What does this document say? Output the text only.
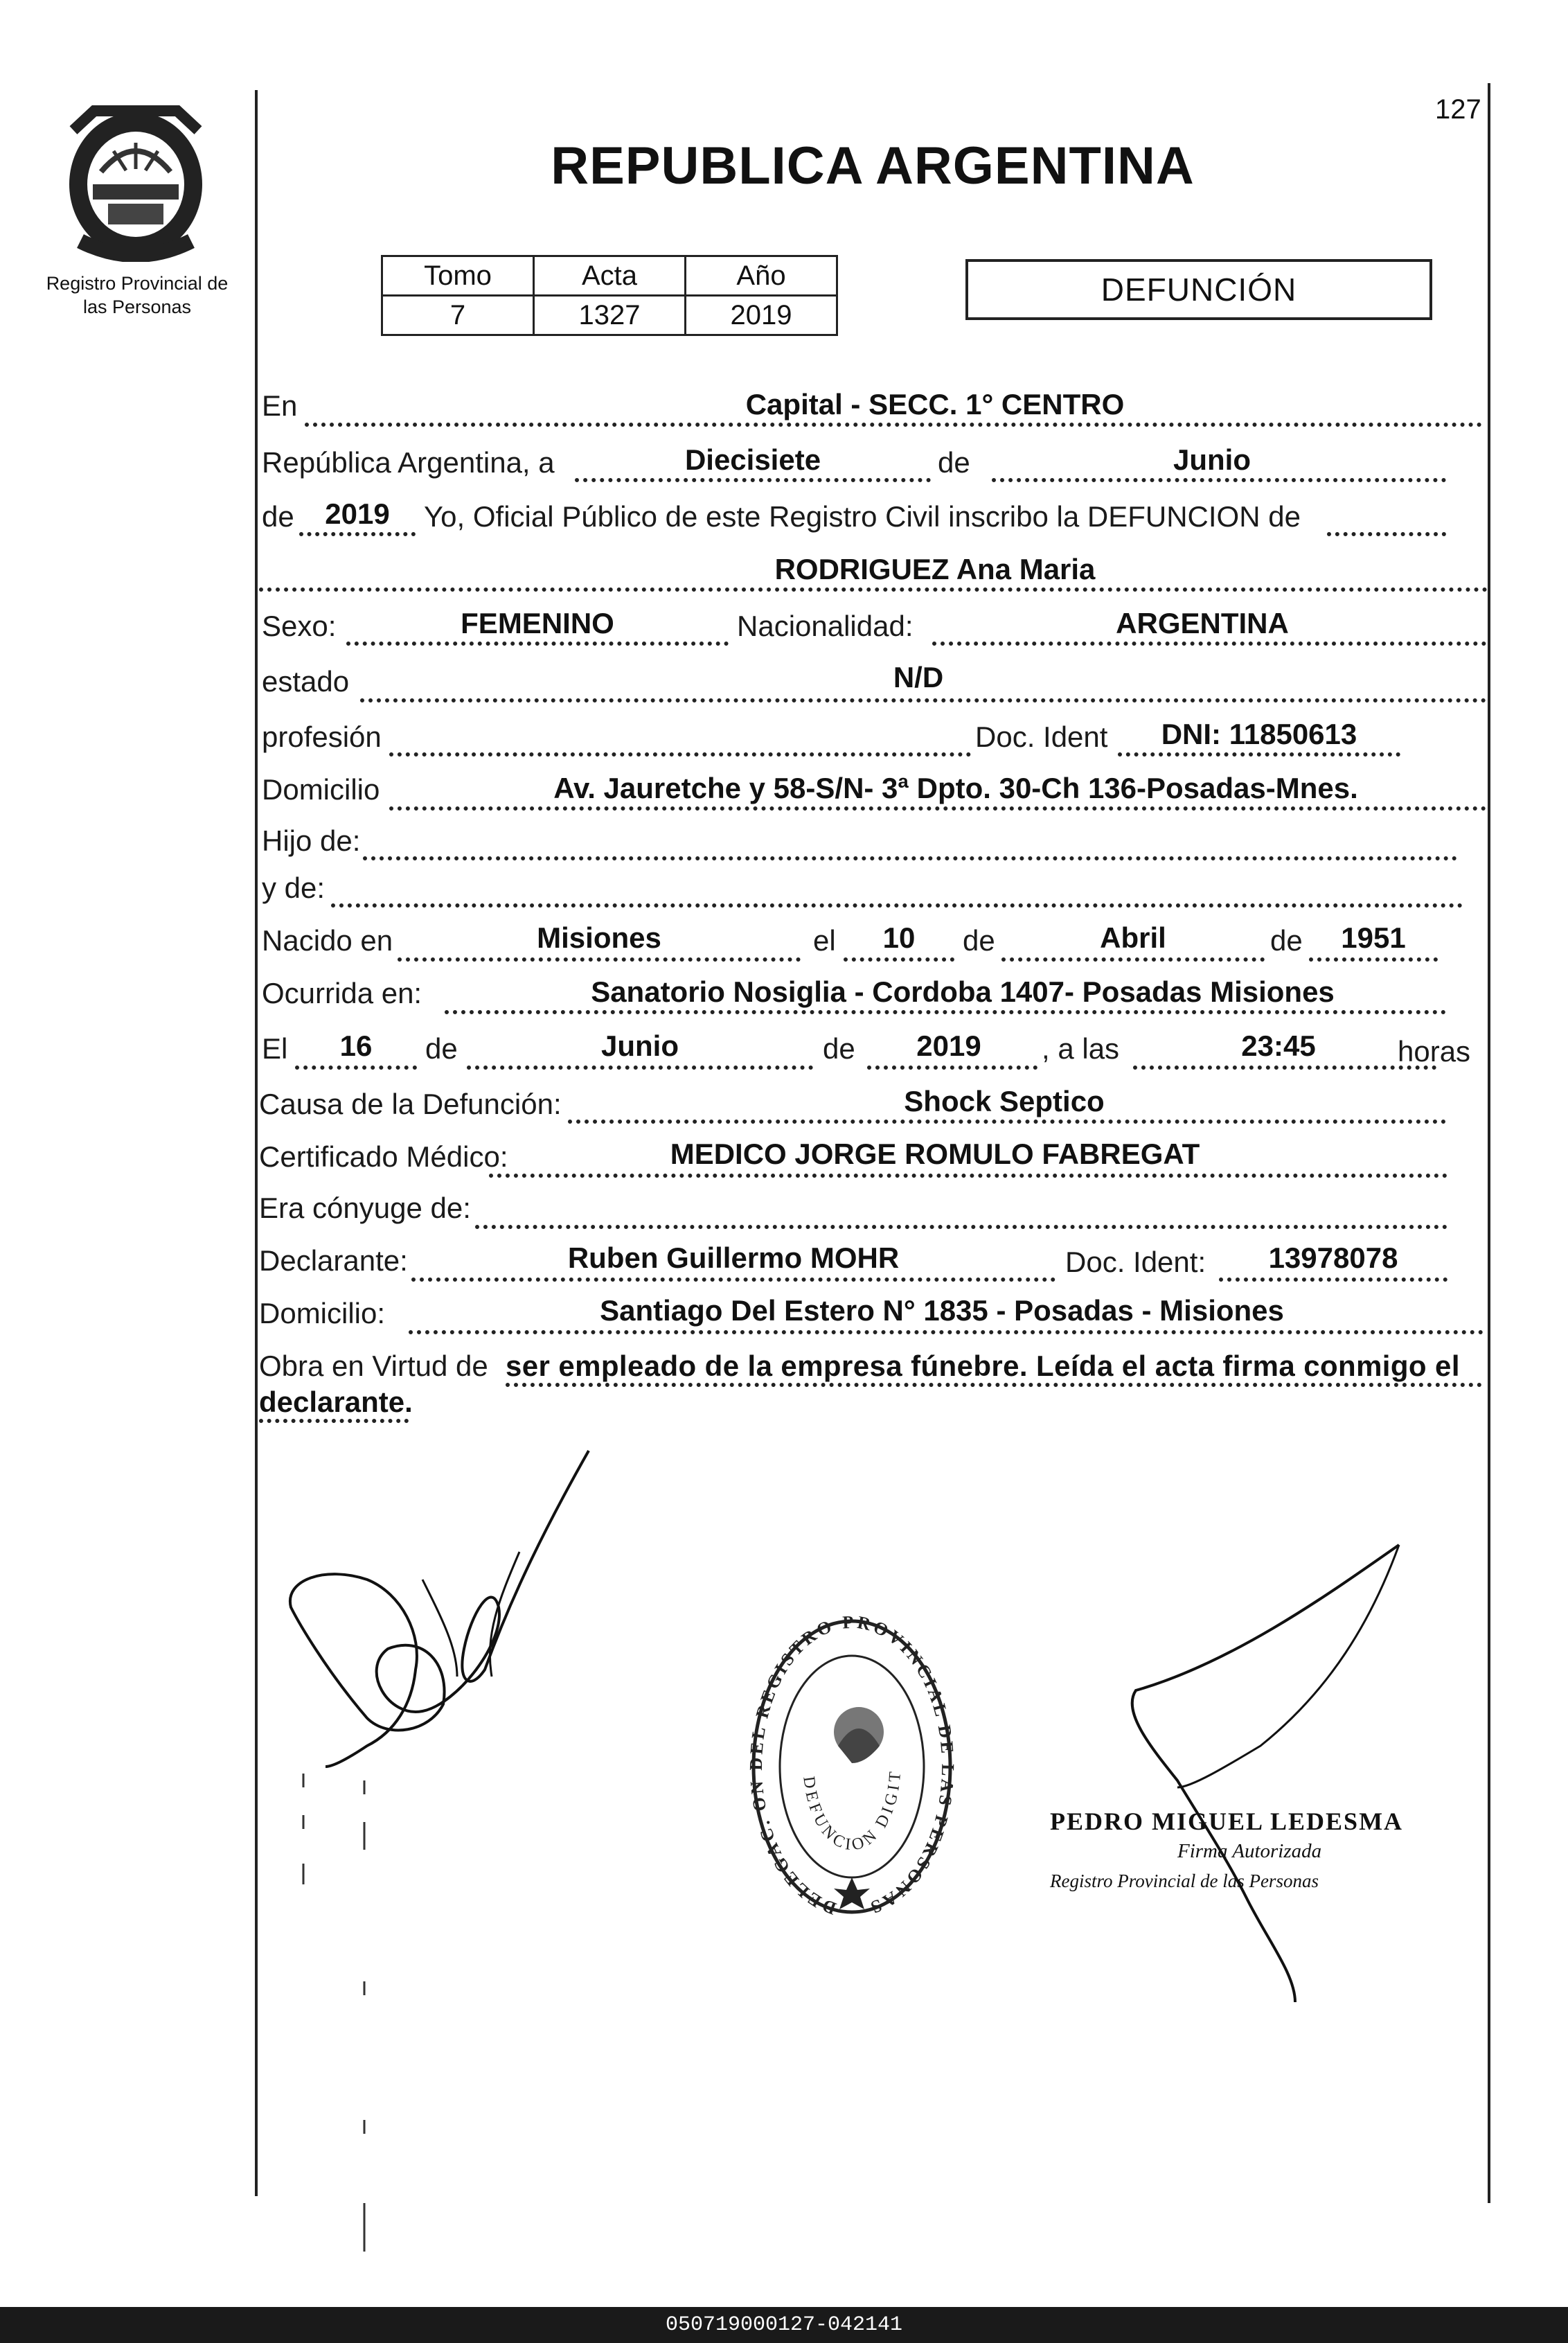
127
Registro Provincial de
las Personas
REPUBLICA ARGENTINA
Tomo	Acta	Año
7	1327	2019
DEFUNCIÓN
En	Capital - SECC. 1° CENTRO
República Argentina, a	Diecisiete	de	Junio
de	2019	Yo, Oficial Público de este Registro Civil inscribo la DEFUNCION de
RODRIGUEZ Ana Maria
Sexo:	FEMENINO	Nacionalidad:	ARGENTINA
estado	N/D
profesión	Doc. Ident	DNI: 11850613
Domicilio	Av. Jauretche y 58-S/N- 3ª Dpto. 30-Ch 136-Posadas-Mnes.
Hijo de:
y de:
Nacido en	Misiones	el	10	de	Abril	de	1951
Ocurrida en:	Sanatorio Nosiglia - Cordoba 1407- Posadas Misiones
El	16	de	Junio	de	2019	, a las	23:45	horas
Causa de la Defunción:	Shock Septico
Certificado Médico:	MEDICO JORGE ROMULO FABREGAT
Era cónyuge de:
Declarante:	Ruben Guillermo MOHR	Doc. Ident:	13978078
Domicilio:	Santiago Del Estero N° 1835 - Posadas - Misiones
Obra en Virtud de ser empleado de la empresa fúnebre. Leída el acta firma conmigo el
declarante.
DELEGAC. ON EL REGISTRO PROVINCIAL DE AS PERSONAS
DEFUNCION DIGIT
PEDRO MIGUEL LEDESMA
Firma Autorizada
Registro Provincial de las Personas
050719000127-042141
